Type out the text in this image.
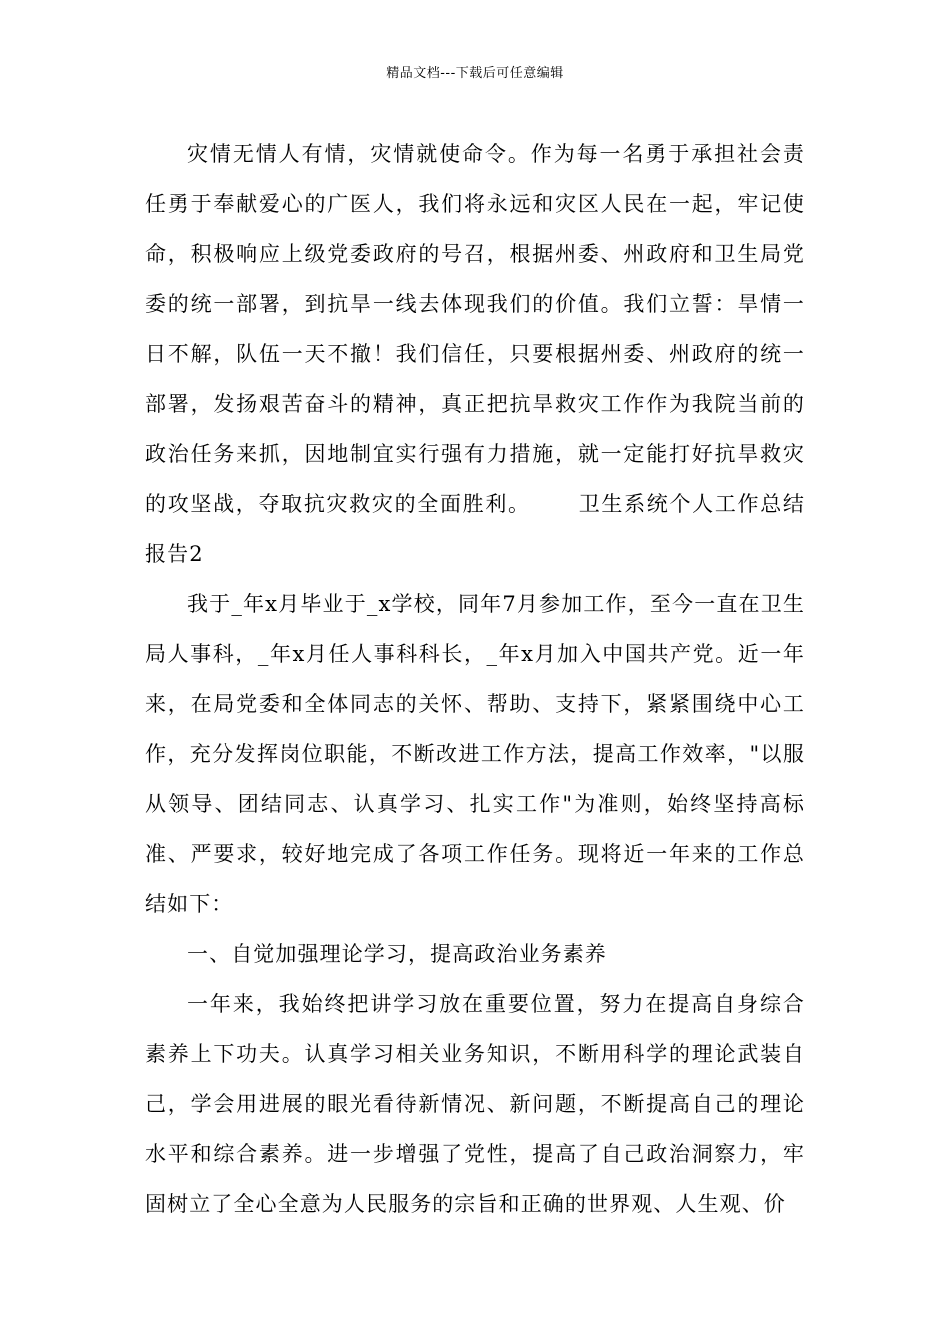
精品文档---下载后可任意编辑

灾情无情人有情，灾情就使命令。作为每一名勇于承担社会责任勇于奉献爱心的广医人，我们将永远和灾区人民在一起，牢记使命，积极响应上级党委政府的号召，根据州委、州政府和卫生局党委的统一部署，到抗旱一线去体现我们的价值。我们立誓：旱情一日不解，队伍一天不撤！我们信任，只要根据州委、州政府的统一部署，发扬艰苦奋斗的精神，真正把抗旱救灾工作作为我院当前的政治任务来抓，因地制宜实行强有力措施，就一定能打好抗旱救灾的攻坚战，夺取抗灾救灾的全面胜利。 卫生系统个人工作总结报告2

我于_年x月毕业于_x学校，同年7月参加工作，至今一直在卫生局人事科，_年x月任人事科科长，_年x月加入中国共产党。近一年来，在局党委和全体同志的关怀、帮助、支持下，紧紧围绕中心工作，充分发挥岗位职能，不断改进工作方法，提高工作效率，"以服从领导、团结同志、认真学习、扎实工作"为准则，始终坚持高标准、严要求，较好地完成了各项工作任务。现将近一年来的工作总结如下：

一、自觉加强理论学习，提高政治业务素养

一年来，我始终把讲学习放在重要位置，努力在提高自身综合素养上下功夫。认真学习相关业务知识，不断用科学的理论武装自己，学会用进展的眼光看待新情况、新问题，不断提高自己的理论水平和综合素养。进一步增强了党性，提高了自己政治洞察力，牢固树立了全心全意为人民服务的宗旨和正确的世界观、人生观、价
